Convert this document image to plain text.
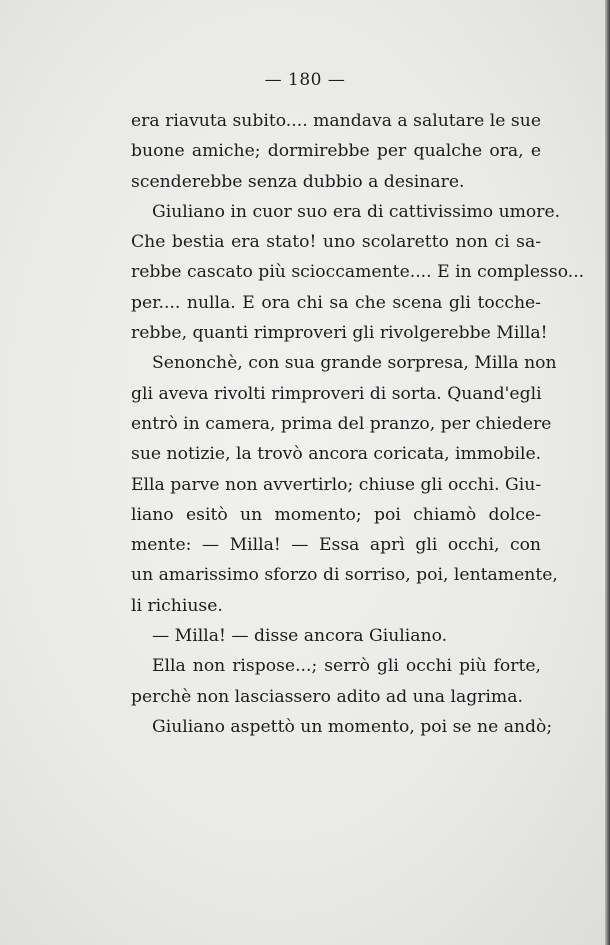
— 180 —
era riavuta subito.... mandava a salutare le sue
buone amiche; dormirebbe per qualche ora, e
scenderebbe senza dubbio a desinare.
Giuliano in cuor suo era di cattivissimo umore.
Che bestia era stato! uno scolaretto non ci sa-
rebbe cascato più scioccamente.... E in complesso...
per.... nulla. E ora chi sa che scena gli tocche-
rebbe, quanti rimproveri gli rivolgerebbe Milla!
Senonchè, con sua grande sorpresa, Milla non
gli aveva rivolti rimproveri di sorta. Quand'egli
entrò in camera, prima del pranzo, per chiedere
sue notizie, la trovò ancora coricata, immobile.
Ella parve non avvertirlo; chiuse gli occhi. Giu-
liano esitò un momento; poi chiamò dolce-
mente: — Milla! — Essa aprì gli occhi, con
un amarissimo sforzo di sorriso, poi, lentamente,
li richiuse.
— Milla! — disse ancora Giuliano.
Ella non rispose...; serrò gli occhi più forte,
perchè non lasciassero adito ad una lagrima.
Giuliano aspettò un momento, poi se ne andò;
